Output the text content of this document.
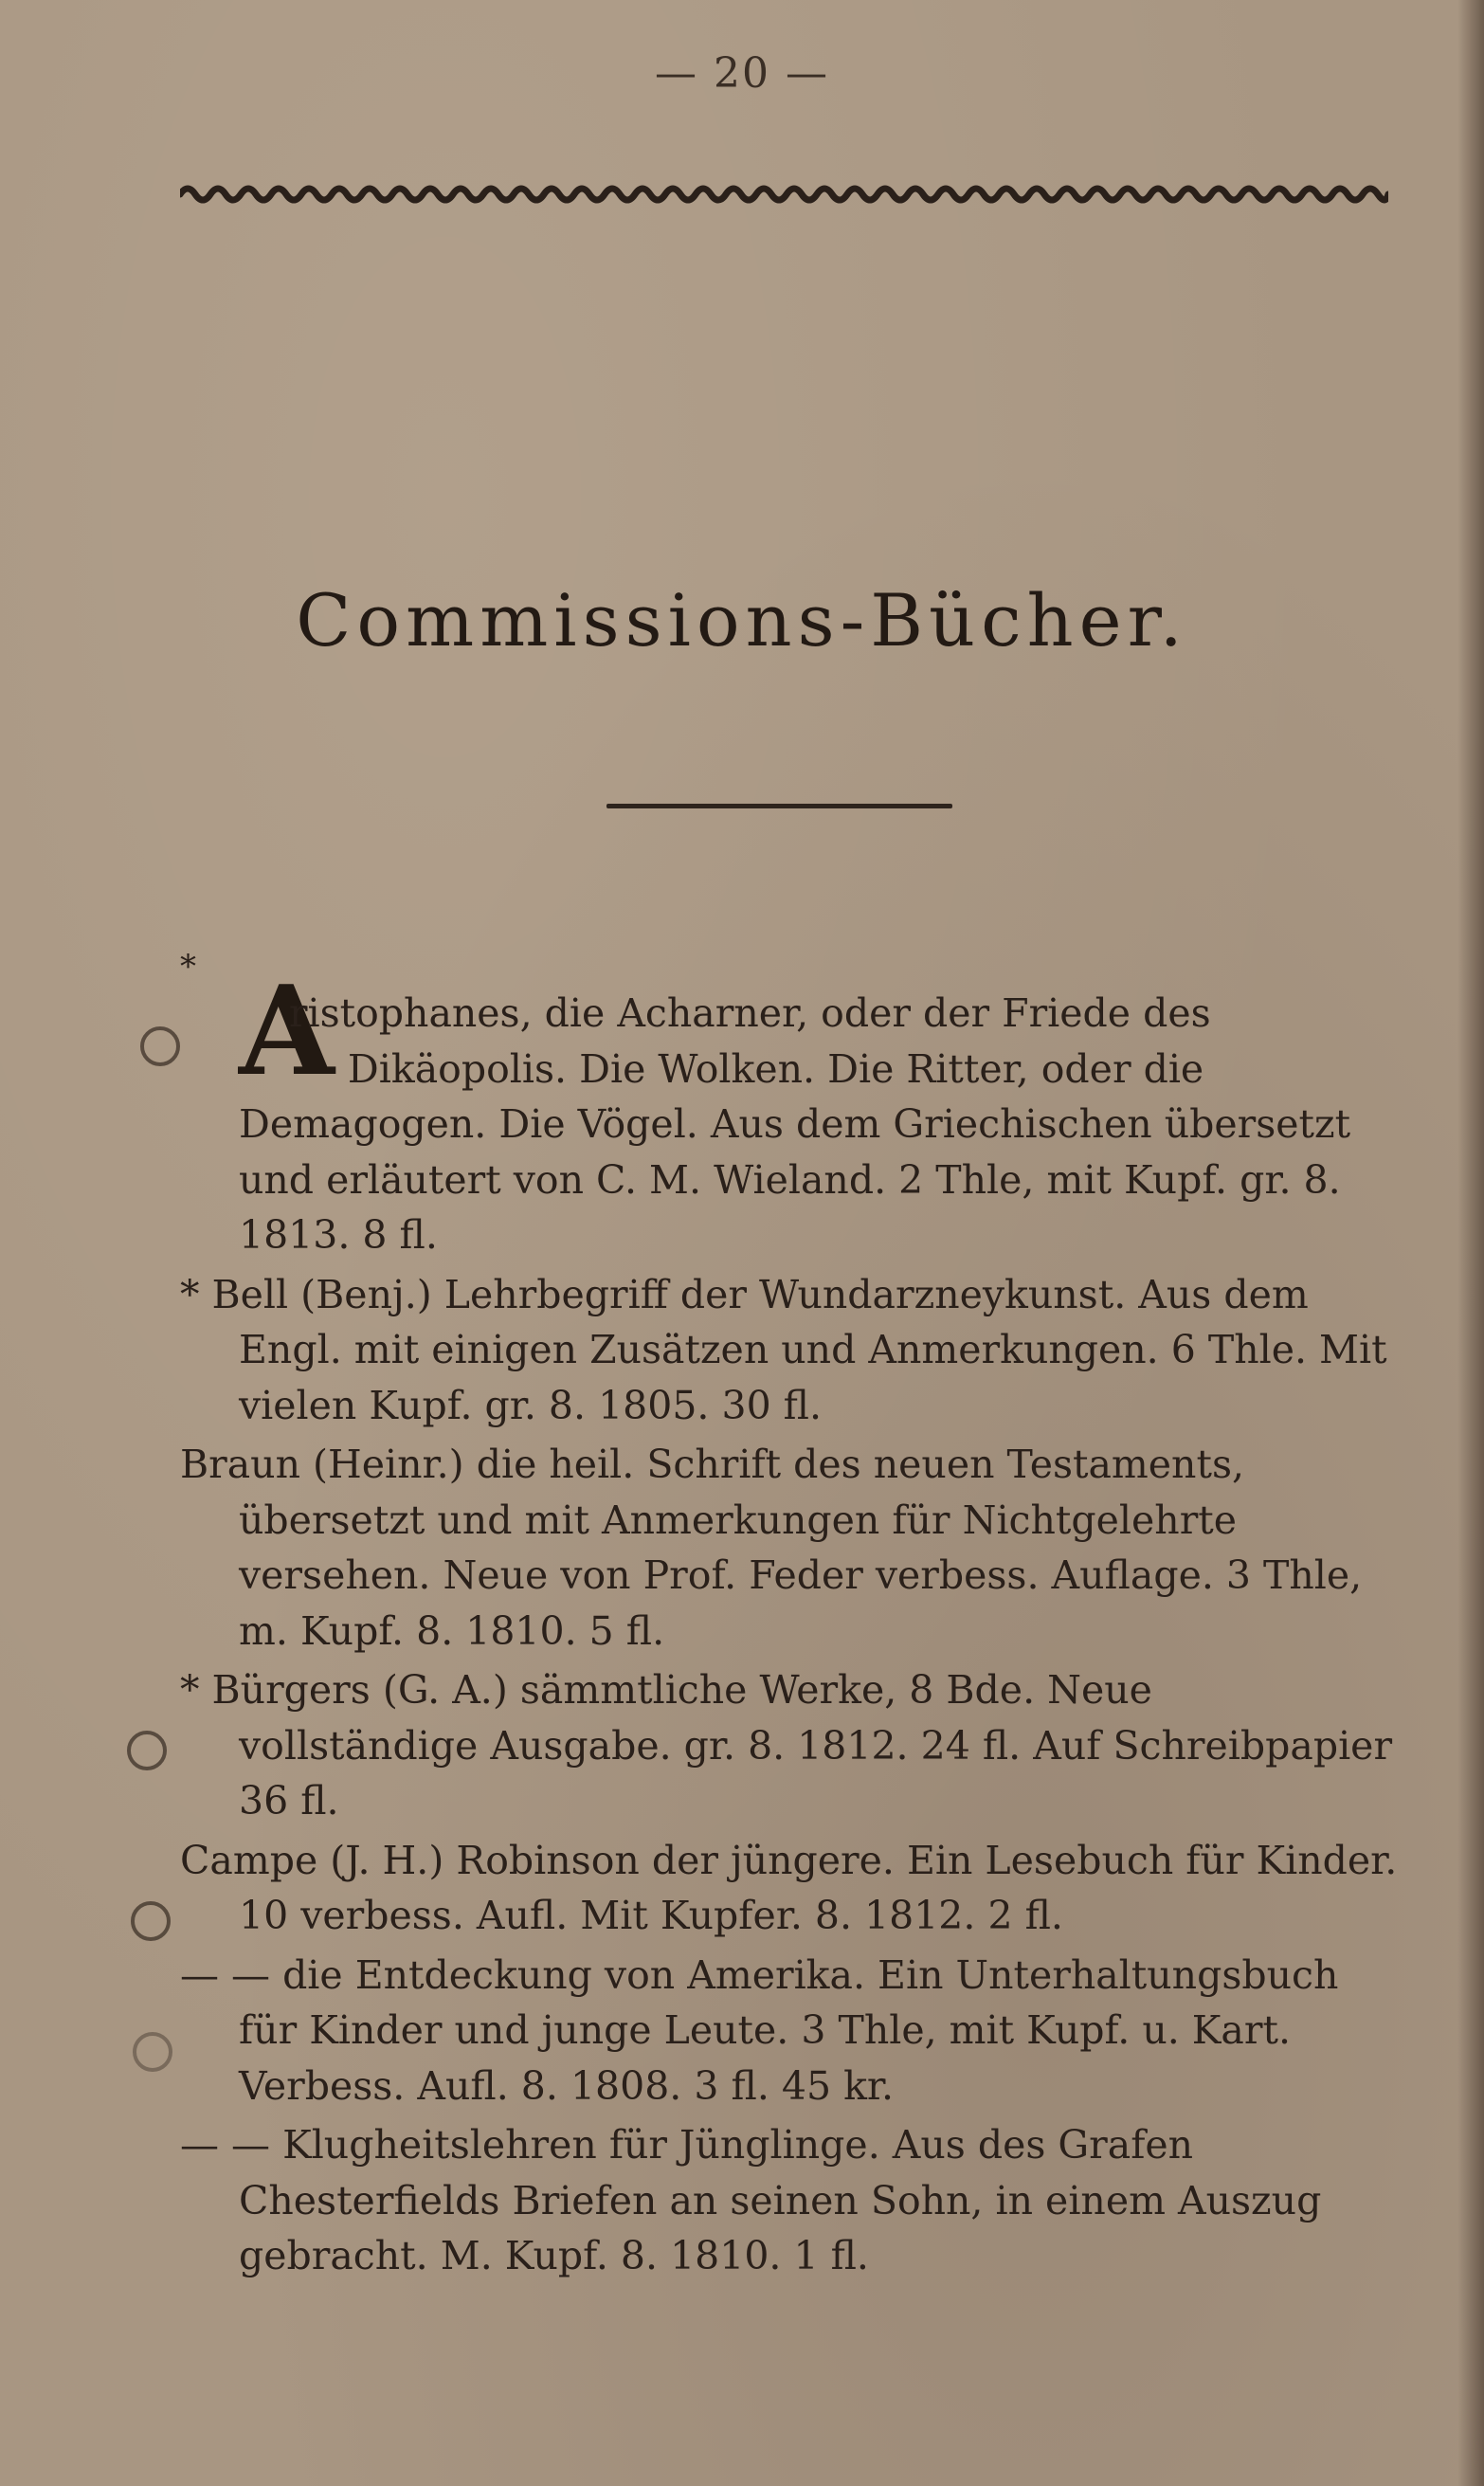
— 20 —
Commissions-Bücher.
* A
ristophanes, die Acharner, oder der Friede des Dikäopolis. Die Wolken. Die Ritter, oder die Demagogen. Die Vögel. Aus dem Griechischen übersetzt und erläutert von C. M. Wieland. 2 Thle, mit Kupf. gr. 8. 1813. 8 fl.

* Bell (Benj.) Lehrbegriff der Wundarzneykunst. Aus dem Engl. mit einigen Zusätzen und Anmerkungen. 6 Thle. Mit vielen Kupf. gr. 8. 1805. 30 fl.

Braun (Heinr.) die heil. Schrift des neuen Testaments, übersetzt und mit Anmerkungen für Nichtgelehrte versehen. Neue von Prof. Feder verbess. Auflage. 3 Thle, m. Kupf. 8. 1810. 5 fl.

* Bürgers (G. A.) sämmtliche Werke, 8 Bde. Neue vollständige Ausgabe. gr. 8. 1812. 24 fl. Auf Schreibpapier 36 fl.

Campe (J. H.) Robinson der jüngere. Ein Lesebuch für Kinder. 10 verbess. Aufl. Mit Kupfer. 8. 1812. 2 fl.

— — die Entdeckung von Amerika. Ein Unterhaltungsbuch für Kinder und junge Leute. 3 Thle, mit Kupf. u. Kart. Verbess. Aufl. 8. 1808. 3 fl. 45 kr.

— — Klugheitslehren für Jünglinge. Aus des Grafen Chesterfields Briefen an seinen Sohn, in einem Auszug gebracht. M. Kupf. 8. 1810. 1 fl.
